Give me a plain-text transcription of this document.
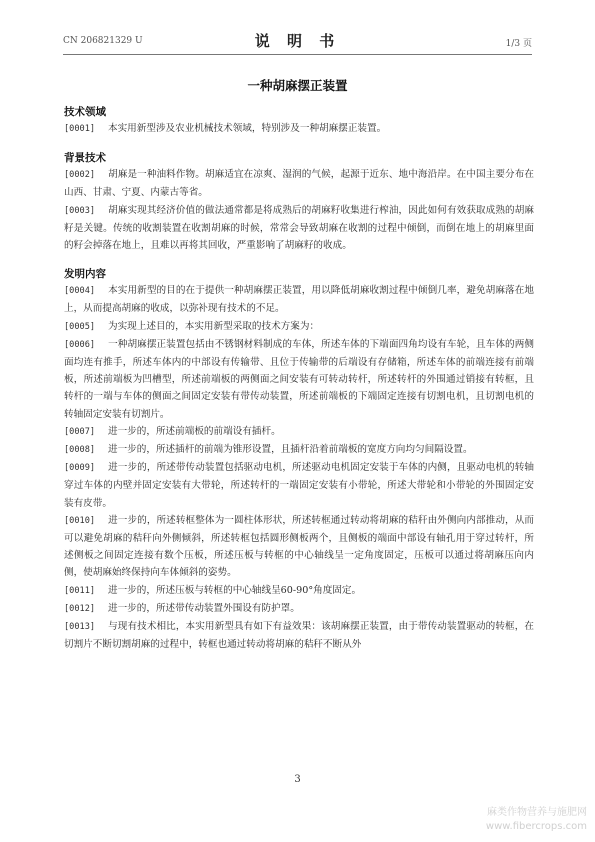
CN 206821329 U	说 明 书	1/3 页
一种胡麻摆正装置

技术领域

[0001] 本实用新型涉及农业机械技术领域，特别涉及一种胡麻摆正装置。

背景技术

[0002] 胡麻是一种油料作物。胡麻适宜在凉爽、湿润的气候，起源于近东、地中海沿岸。在中国主要分布在山西、甘肃、宁夏、内蒙古等省。

[0003] 胡麻实现其经济价值的做法通常都是将成熟后的胡麻籽收集进行榨油，因此如何有效获取成熟的胡麻籽是关键。传统的收割装置在收割胡麻的时候，常常会导致胡麻在收割的过程中倾倒，而倒在地上的胡麻里面的籽会掉落在地上，且难以再将其回收，严重影响了胡麻籽的收成。

发明内容

[0004] 本实用新型的目的在于提供一种胡麻摆正装置，用以降低胡麻收割过程中倾倒几率，避免胡麻落在地上，从而提高胡麻的收成，以弥补现有技术的不足。

[0005] 为实现上述目的，本实用新型采取的技术方案为：

[0006] 一种胡麻摆正装置包括由不锈钢材料制成的车体，所述车体的下端面四角均设有车轮，且车体的两侧面均连有推手，所述车体内的中部设有传输带、且位于传输带的后端设有存储箱，所述车体的前端连接有前端板，所述前端板为凹槽型，所述前端板的两侧面之间安装有可转动转杆，所述转杆的外围通过销接有转框，且转杆的一端与车体的侧面之间固定安装有带传动装置，所述前端板的下端固定连接有切割电机，且切割电机的转轴固定安装有切割片。

[0007] 进一步的，所述前端板的前端设有插杆。

[0008] 进一步的，所述插杆的前端为锥形设置，且插杆沿着前端板的宽度方向均匀间隔设置。

[0009] 进一步的，所述带传动装置包括驱动电机，所述驱动电机固定安装于车体的内侧，且驱动电机的转轴穿过车体的内壁并固定安装有大带轮，所述转杆的一端固定安装有小带轮，所述大带轮和小带轮的外围固定安装有皮带。

[0010] 进一步的，所述转框整体为一圆柱体形状，所述转框通过转动将胡麻的秸秆由外侧向内部推动，从而可以避免胡麻的秸秆向外侧倾斜，所述转框包括圆形侧板两个，且侧板的端面中部设有轴孔用于穿过转杆，所述侧板之间固定连接有数个压板，所述压板与转框的中心轴线呈一定角度固定，压板可以通过将胡麻压向内侧，使胡麻始终保持向车体倾斜的姿势。

[0011] 进一步的，所述压板与转框的中心轴线呈60-90°角度固定。

[0012] 进一步的，所述带传动装置外围设有防护罩。

[0013] 与现有技术相比，本实用新型具有如下有益效果：该胡麻摆正装置，由于带传动装置驱动的转框，在切割片不断切割胡麻的过程中，转框也通过转动将胡麻的秸秆不断从外

3
麻类作物营养与施肥网
www.fibercrops.com
